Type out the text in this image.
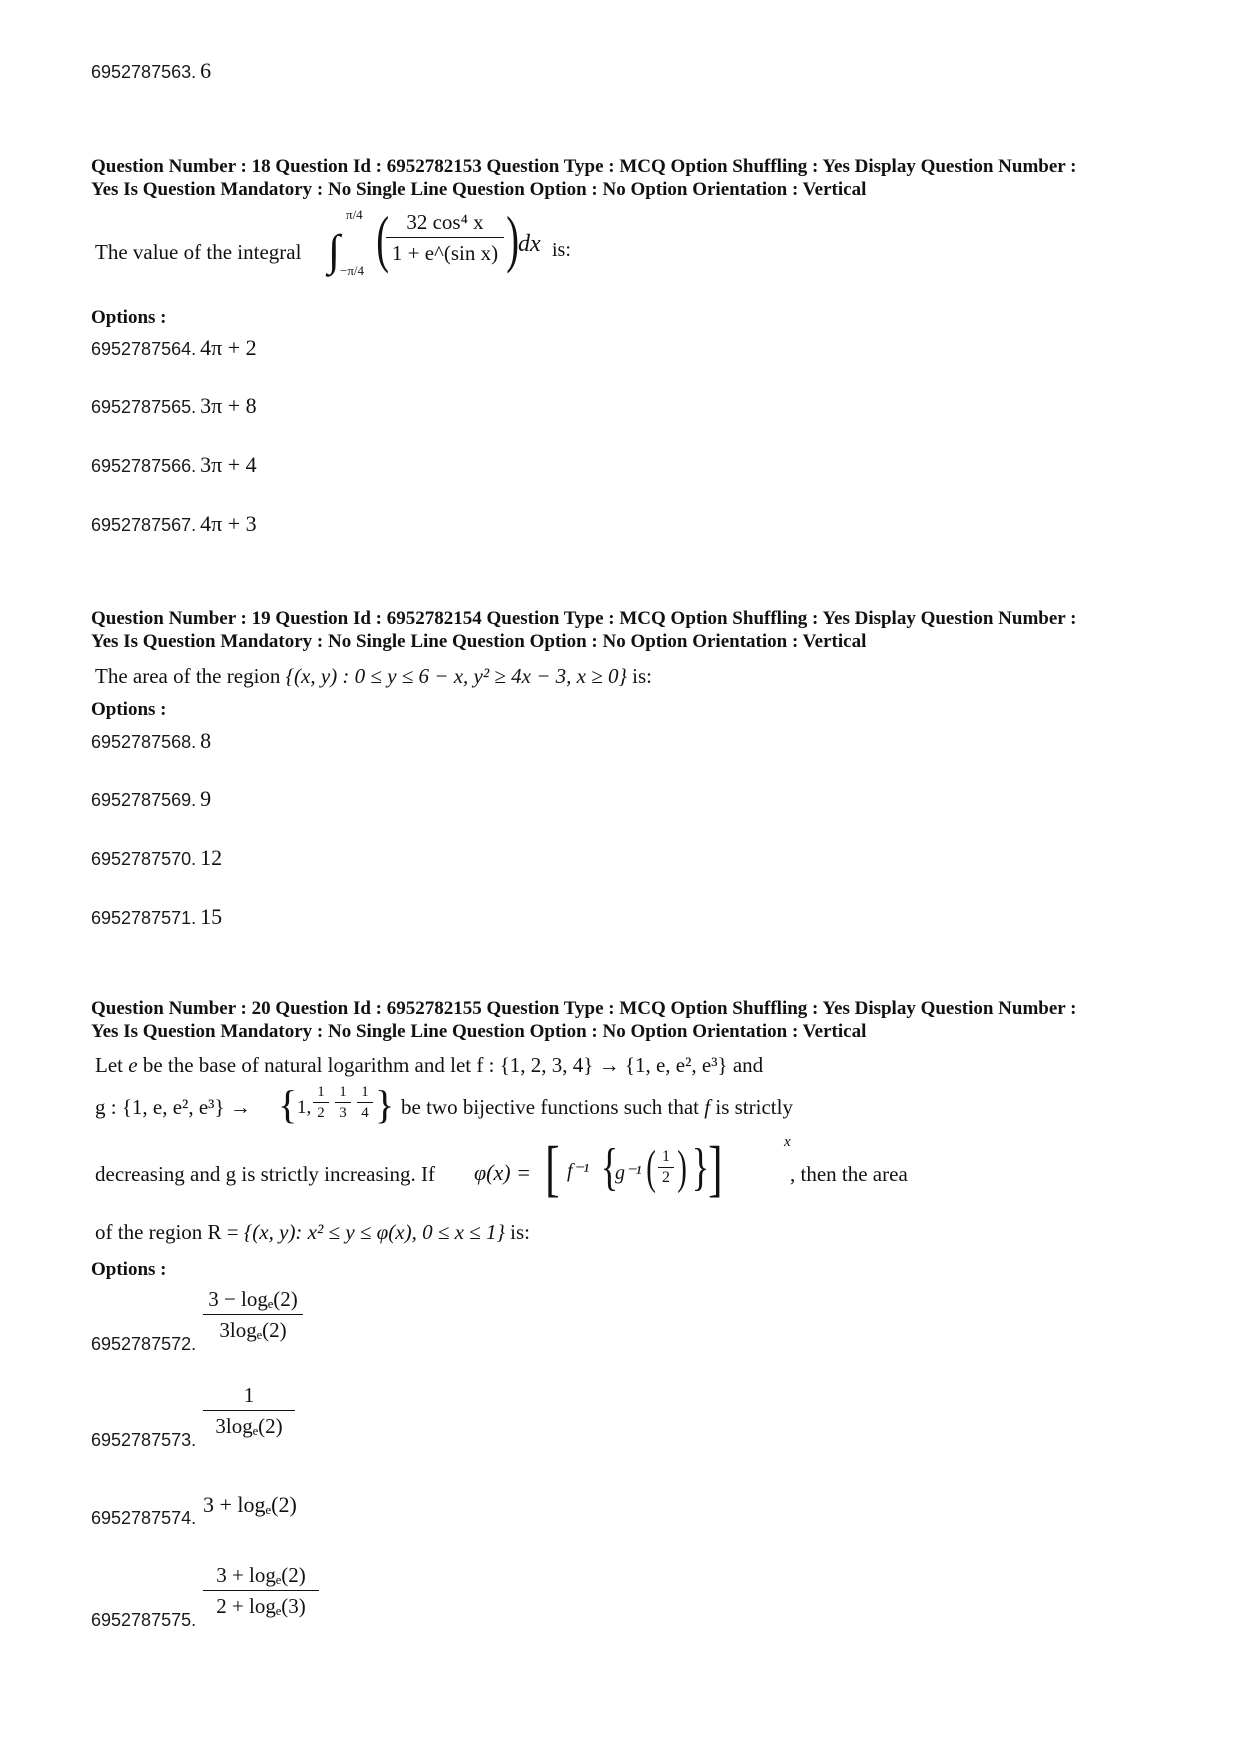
6952787563. 6
Question Number : 18 Question Id : 6952782153 Question Type : MCQ Option Shuffling : Yes Display Question Number :
Yes Is Question Mandatory : No Single Line Question Option : No Option Orientation : Vertical
The value of the integral ∫
π/4
−π/4 ( 32 cos⁴ x
1 + e^(sin x) )
dx is:
Options :
6952787564. 4π + 2
6952787565. 3π + 8
6952787566. 3π + 4
6952787567. 4π + 3
Question Number : 19 Question Id : 6952782154 Question Type : MCQ Option Shuffling : Yes Display Question Number :
Yes Is Question Mandatory : No Single Line Question Option : No Option Orientation : Vertical
The area of the region {(x, y) : 0 ≤ y ≤ 6 − x, y² ≥ 4x − 3, x ≥ 0} is:
Options :
6952787568. 8
6952787569. 9
6952787570. 12
6952787571. 15
Question Number : 20 Question Id : 6952782155 Question Type : MCQ Option Shuffling : Yes Display Question Number :
Yes Is Question Mandatory : No Single Line Question Option : No Option Orientation : Vertical
Let e be the base of natural logarithm and let f : {1, 2, 3, 4} → {1, e, e², e³} and
g : {1, e, e², e³} → { 1,
1
2
1
3
1
4 } be two bijective functions such that f is strictly
decreasing and g is strictly increasing. If φ(x) = [ f⁻¹ {
g⁻¹ ( 1
2 ) }
]	x
, then the area
of the region R = {(x, y): x² ≤ y ≤ φ(x), 0 ≤ x ≤ 1} is:
Options :
6952787572.
3 − logₑ(2)
3logₑ(2)
6952787573.
1
3logₑ(2)
6952787574.
3 + logₑ(2)
6952787575.
3 + logₑ(2)
2 + logₑ(3)
